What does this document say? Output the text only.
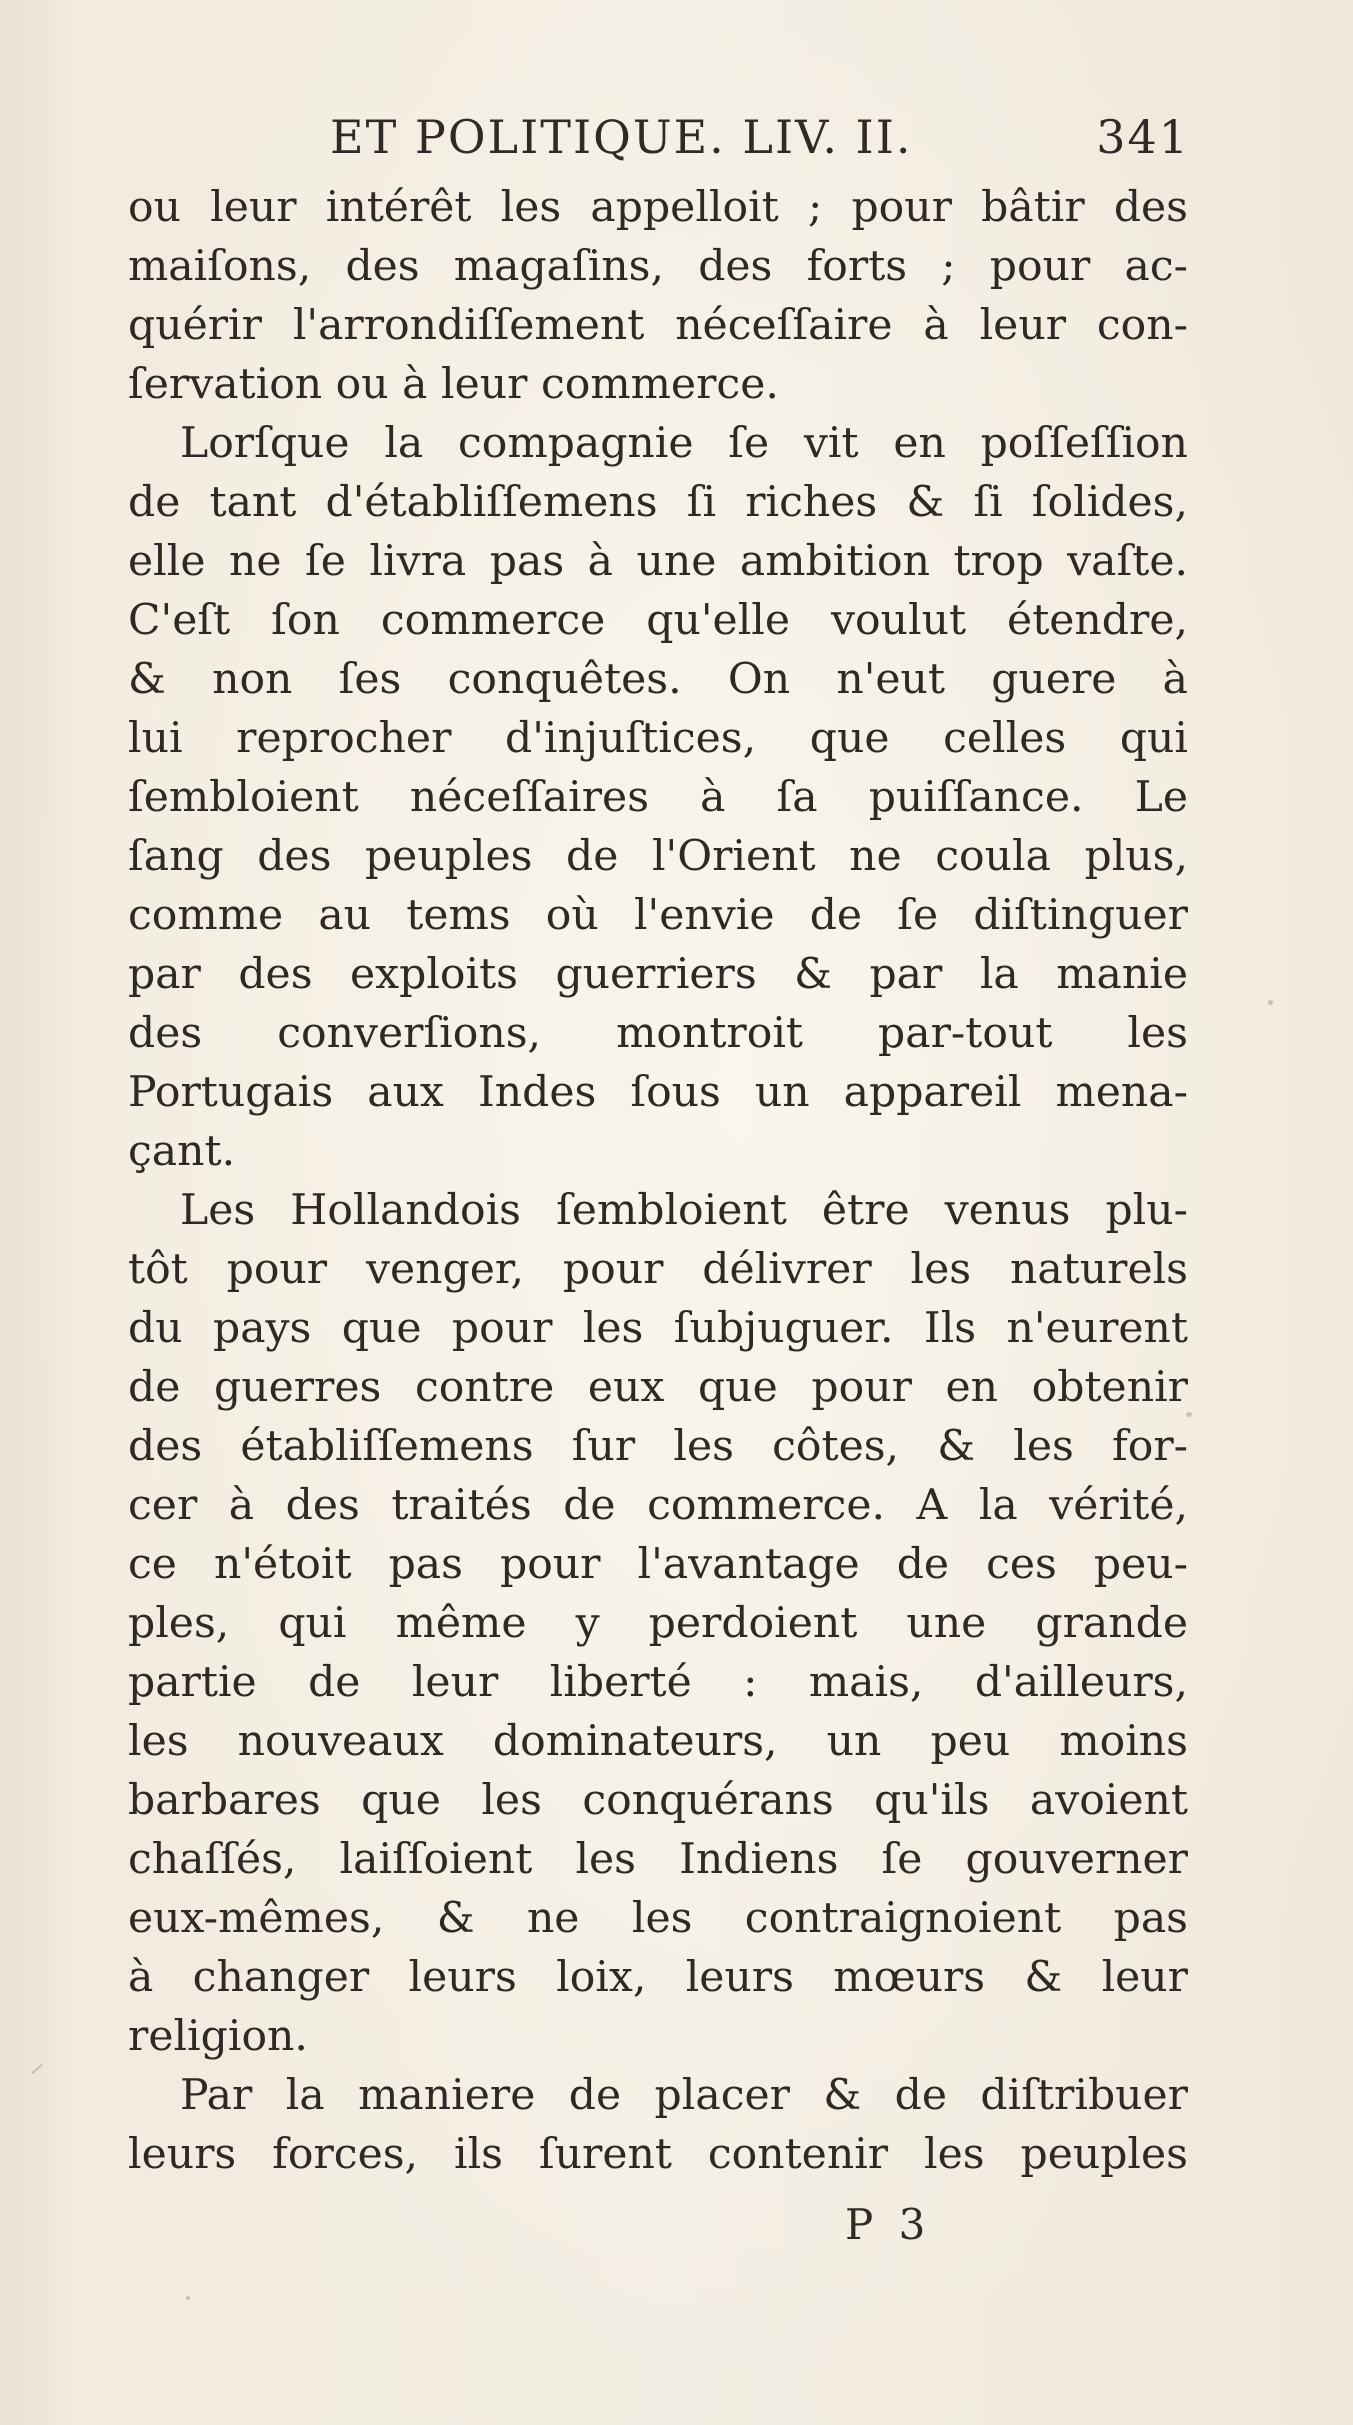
ET POLITIQUE. LIV. II.	341
ou leur intérêt les appelloit ; pour bâtir des
maiſons, des magaſins, des forts ; pour ac-
quérir l'arrondiſſement néceſſaire à leur con-
ſervation ou à leur commerce.
Lorſque la compagnie ſe vit en poſſeſſion
de tant d'établiſſemens ſi riches & ſi ſolides,
elle ne ſe livra pas à une ambition trop vaſte.
C'eſt ſon commerce qu'elle voulut étendre,
& non ſes conquêtes. On n'eut guere à
lui reprocher d'injuſtices, que celles qui
ſembloient néceſſaires à ſa puiſſance. Le
ſang des peuples de l'Orient ne coula plus,
comme au tems où l'envie de ſe diſtinguer
par des exploits guerriers & par la manie
des converſions, montroit par-tout les
Portugais aux Indes ſous un appareil mena-
çant.
Les Hollandois ſembloient être venus plu-
tôt pour venger, pour délivrer les naturels
du pays que pour les ſubjuguer. Ils n'eurent
de guerres contre eux que pour en obtenir
des établiſſemens ſur les côtes, & les for-
cer à des traités de commerce. A la vérité,
ce n'étoit pas pour l'avantage de ces peu-
ples, qui même y perdoient une grande
partie de leur liberté : mais, d'ailleurs,
les nouveaux dominateurs, un peu moins
barbares que les conquérans qu'ils avoient
chaſſés, laiſſoient les Indiens ſe gouverner
eux-mêmes, & ne les contraignoient pas
à changer leurs loix, leurs mœurs & leur
religion.
Par la maniere de placer & de diſtribuer
leurs forces, ils ſurent contenir les peuples
P 3
